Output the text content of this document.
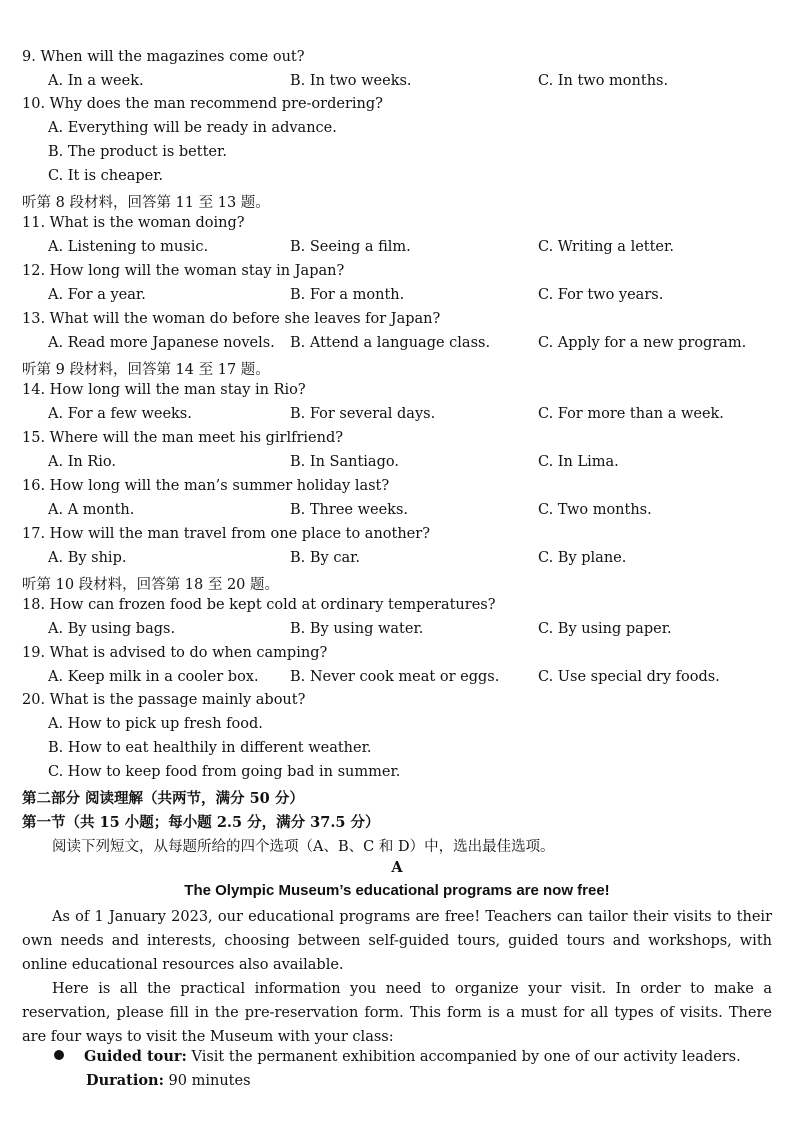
9. When will the magazines come out?
A. In a week.	B. In two weeks.	C. In two months.
10. Why does the man recommend pre-ordering?
A. Everything will be ready in advance.
B. The product is better.
C. It is cheaper.
听第 8 段材料，回答第 11 至 13 题。
11. What is the woman doing?
A. Listening to music.	B. Seeing a film.	C. Writing a letter.
12. How long will the woman stay in Japan?
A. For a year.	B. For a month.	C. For two years.
13. What will the woman do before she leaves for Japan?
A. Read more Japanese novels. B. Attend a language class.	C. Apply for a new program.
听第 9 段材料，回答第 14 至 17 题。
14. How long will the man stay in Rio?
A. For a few weeks.	B. For several days.	C. For more than a week.
15. Where will the man meet his girlfriend?
A. In Rio.	B. In Santiago.	C. In Lima.
16. How long will the man’s summer holiday last?
A. A month.	B. Three weeks.	C. Two months.
17. How will the man travel from one place to another?
A. By ship.	B. By car.	C. By plane.
听第 10 段材料，回答第 18 至 20 题。
18. How can frozen food be kept cold at ordinary temperatures?
A. By using bags.	B. By using water.	C. By using paper.
19. What is advised to do when camping?
A. Keep milk in a cooler box. B. Never cook meat or eggs.	C. Use special dry foods.
20. What is the passage mainly about?
A. How to pick up fresh food.
B. How to eat healthily in different weather.
C. How to keep food from going bad in summer.
第二部分 阅读理解（共两节，满分 50 分）
第一节（共 15 小题；每小题 2.5 分，满分 37.5 分）
阅读下列短文，从每题所给的四个选项（A、B、C 和 D）中，选出最佳选项。
A
The Olympic Museum’s educational programs are now free!
As of 1 January 2023, our educational programs are free! Teachers can tailor their visits to their own needs and interests, choosing between self-guided tours, guided tours and workshops, with online educational resources also available.
Here is all the practical information you need to organize your visit. In order to make a reservation, please fill in the pre-reservation form. This form is a must for all types of visits. There are four ways to visit the Museum with your class:
Guided tour: Visit the permanent exhibition accompanied by one of our activity leaders.
Duration: 90 minutes
